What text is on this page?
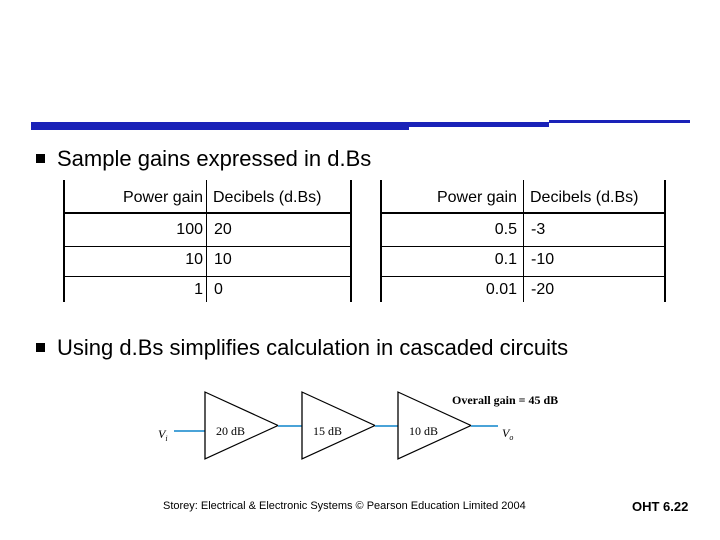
Sample gains expressed in d.Bs
Power gain Decibels (d.Bs)
100 20
10 10
1 0
Power gain Decibels (d.Bs)
0.5 -3
0.1 -10
0.01 -20
Using d.Bs simplifies calculation in cascaded circuits
$V_i$
20 dB	15 dB	10 dB	$V_o$
Overall gain = 45 dB
Storey: Electrical & Electronic Systems © Pearson Education Limited 2004	OHT 6.22
